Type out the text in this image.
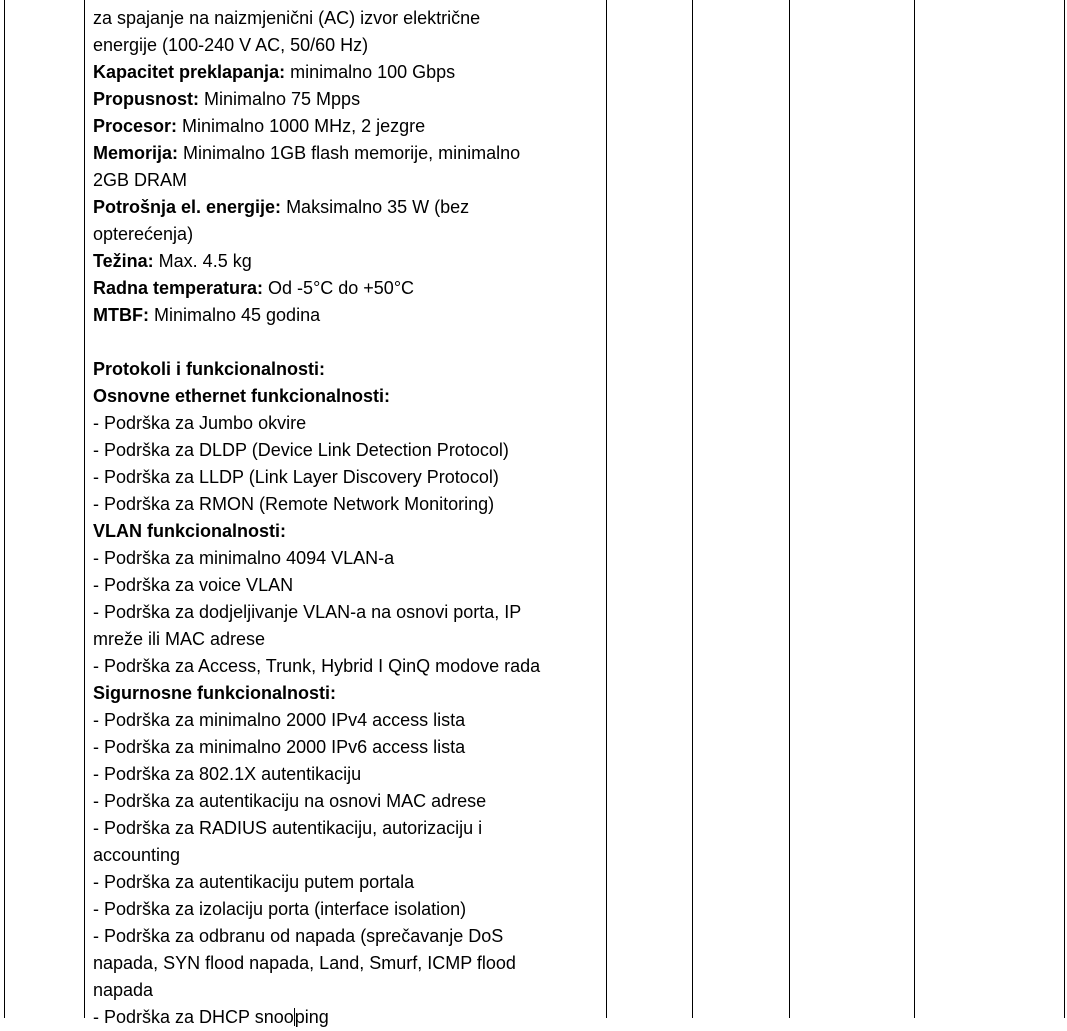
za spajanje na naizmjenični (AC) izvor električne
energije (100-240 V AC, 50/60 Hz)
Kapacitet preklapanja: minimalno 100 Gbps
Propusnost: Minimalno 75 Mpps
Procesor: Minimalno 1000 MHz, 2 jezgre
Memorija: Minimalno 1GB flash memorije, minimalno
2GB DRAM
Potrošnja el. energije: Maksimalno 35 W (bez
opterećenja)
Težina: Max. 4.5 kg
Radna temperatura: Od -5°C do +50°C
MTBF: Minimalno 45 godina
Protokoli i funkcionalnosti:
Osnovne ethernet funkcionalnosti:
- Podrška za Jumbo okvire
- Podrška za DLDP (Device Link Detection Protocol)
- Podrška za LLDP (Link Layer Discovery Protocol)
- Podrška za RMON (Remote Network Monitoring)
VLAN funkcionalnosti:
- Podrška za minimalno 4094 VLAN-a
- Podrška za voice VLAN
- Podrška za dodjeljivanje VLAN-a na osnovi porta, IP
mreže ili MAC adrese
- Podrška za Access, Trunk, Hybrid I QinQ modove rada
Sigurnosne funkcionalnosti:
- Podrška za minimalno 2000 IPv4 access lista
- Podrška za minimalno 2000 IPv6 access lista
- Podrška za 802.1X autentikaciju
- Podrška za autentikaciju na osnovi MAC adrese
- Podrška za RADIUS autentikaciju, autorizaciju i
accounting
- Podrška za autentikaciju putem portala
- Podrška za izolaciju porta (interface isolation)
- Podrška za odbranu od napada (sprečavanje DoS
napada, SYN flood napada, Land, Smurf, ICMP flood
napada
- Podrška za DHCP snooping
